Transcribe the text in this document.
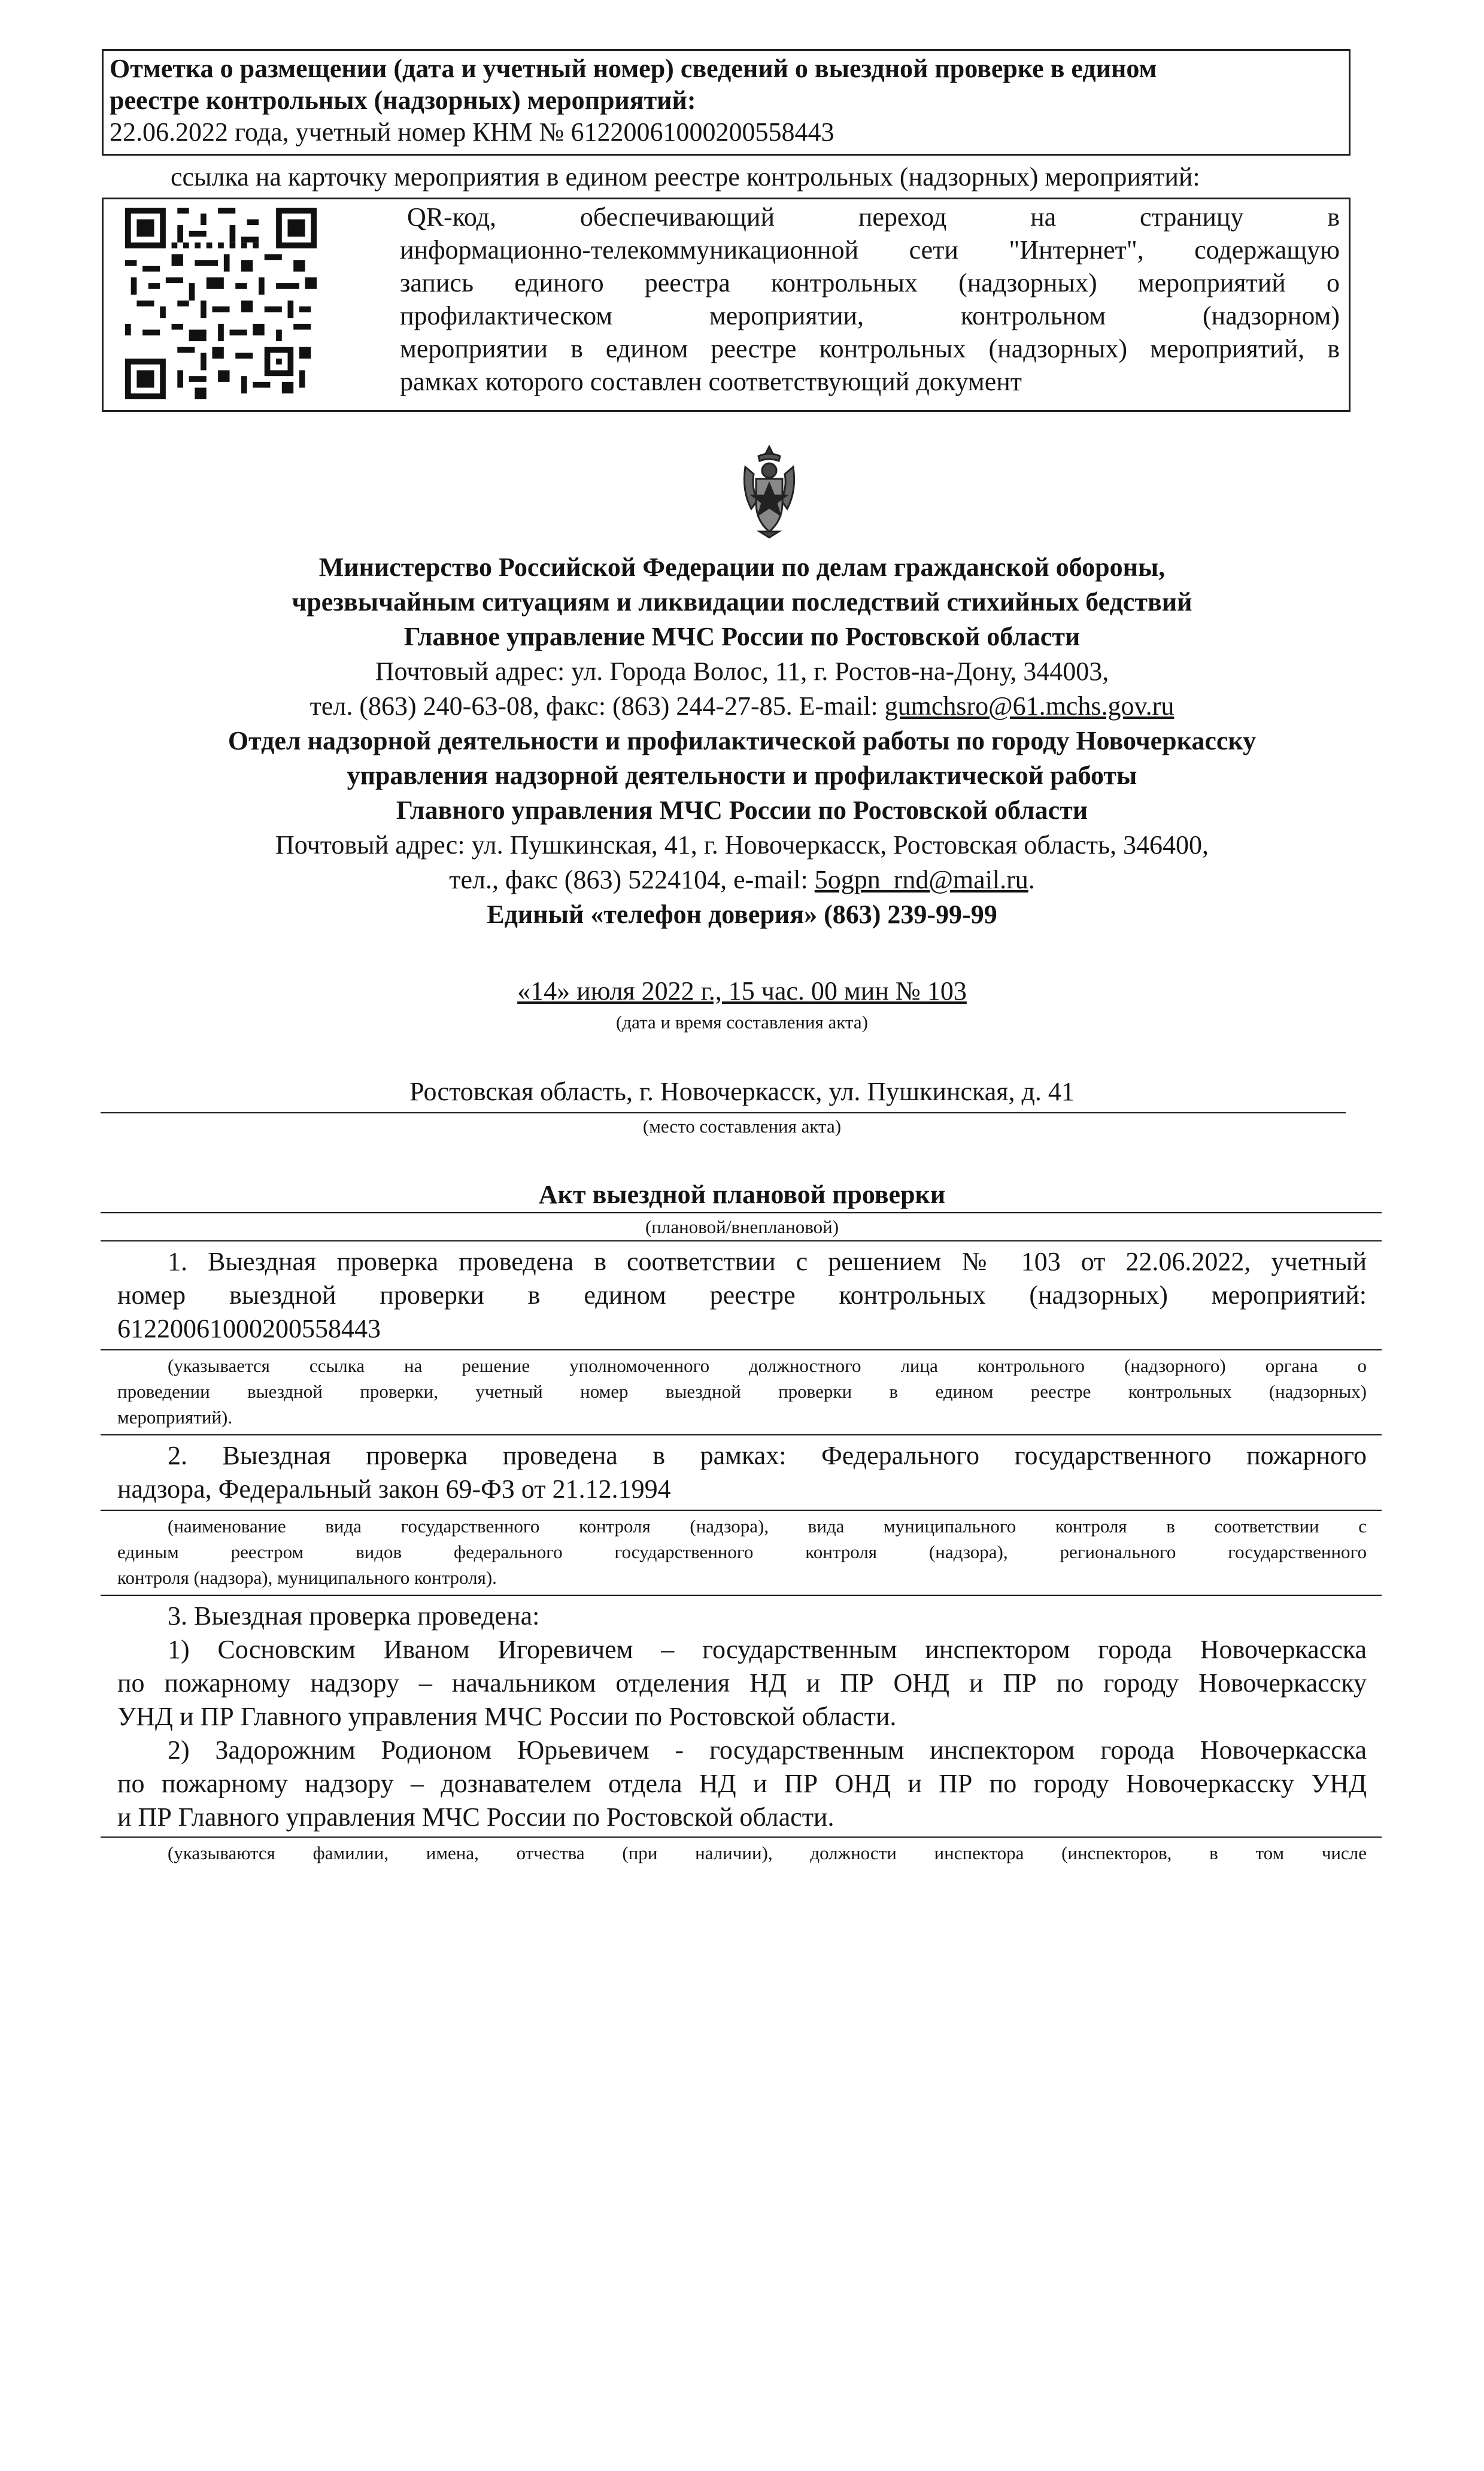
Отметка о размещении (дата и учетный номер) сведений о выездной проверке в едином
реестре контрольных (надзорных) мероприятий:
22.06.2022 года, учетный номер КНМ № 61220061000200558443
ссылка на карточку мероприятия в едином реестре контрольных (надзорных) мероприятий:
QR-код, обеспечивающий переход на страницу в
информационно-телекоммуникационной сети "Интернет", содержащую
запись единого реестра контрольных (надзорных) мероприятий о
профилактическом мероприятии, контрольном (надзорном)
мероприятии в едином реестре контрольных (надзорных) мероприятий, в
рамках которого составлен соответствующий документ
Министерство Российской Федерации по делам гражданской обороны,
чрезвычайным ситуациям и ликвидации последствий стихийных бедствий
Главное управление МЧС России по Ростовской области
Почтовый адрес: ул. Города Волос, 11, г. Ростов-на-Дону, 344003,
тел. (863) 240-63-08, факс: (863) 244-27-85. E-mail: gumchsro@61.mchs.gov.ru
Отдел надзорной деятельности и профилактической работы по городу Новочеркасску
управления надзорной деятельности и профилактической работы
Главного управления МЧС России по Ростовской области
Почтовый адрес: ул. Пушкинская, 41, г. Новочеркасск, Ростовская область, 346400,
тел., факс (863) 5224104, e-mail: 5ogpn_rnd@mail.ru.
Единый «телефон доверия» (863) 239-99-99
«14» июля 2022 г., 15 час. 00 мин № 103
(дата и время составления акта)
Ростовская область, г. Новочеркасск, ул. Пушкинская, д. 41
(место составления акта)
Акт выездной плановой проверки
(плановой/внеплановой)
1. Выездная проверка проведена в соответствии с решением № 103 от 22.06.2022, учетный
номер выездной проверки в едином реестре контрольных (надзорных) мероприятий:
61220061000200558443
(указывается ссылка на решение уполномоченного должностного лица контрольного (надзорного) органа о
проведении выездной проверки, учетный номер выездной проверки в едином реестре контрольных (надзорных)
мероприятий).
2. Выездная проверка проведена в рамках: Федерального государственного пожарного
надзора, Федеральный закон 69-ФЗ от 21.12.1994
(наименование вида государственного контроля (надзора), вида муниципального контроля в соответствии с
единым реестром видов федерального государственного контроля (надзора), регионального государственного
контроля (надзора), муниципального контроля).
3. Выездная проверка проведена:
1) Сосновским Иваном Игоревичем – государственным инспектором города Новочеркасска
по пожарному надзору – начальником отделения НД и ПР ОНД и ПР по городу Новочеркасску
УНД и ПР Главного управления МЧС России по Ростовской области.
2) Задорожним Родионом Юрьевичем - государственным инспектором города Новочеркасска
по пожарному надзору – дознавателем отдела НД и ПР ОНД и ПР по городу Новочеркасску УНД
и ПР Главного управления МЧС России по Ростовской области.
(указываются фамилии, имена, отчества (при наличии), должности инспектора (инспекторов, в том числе
